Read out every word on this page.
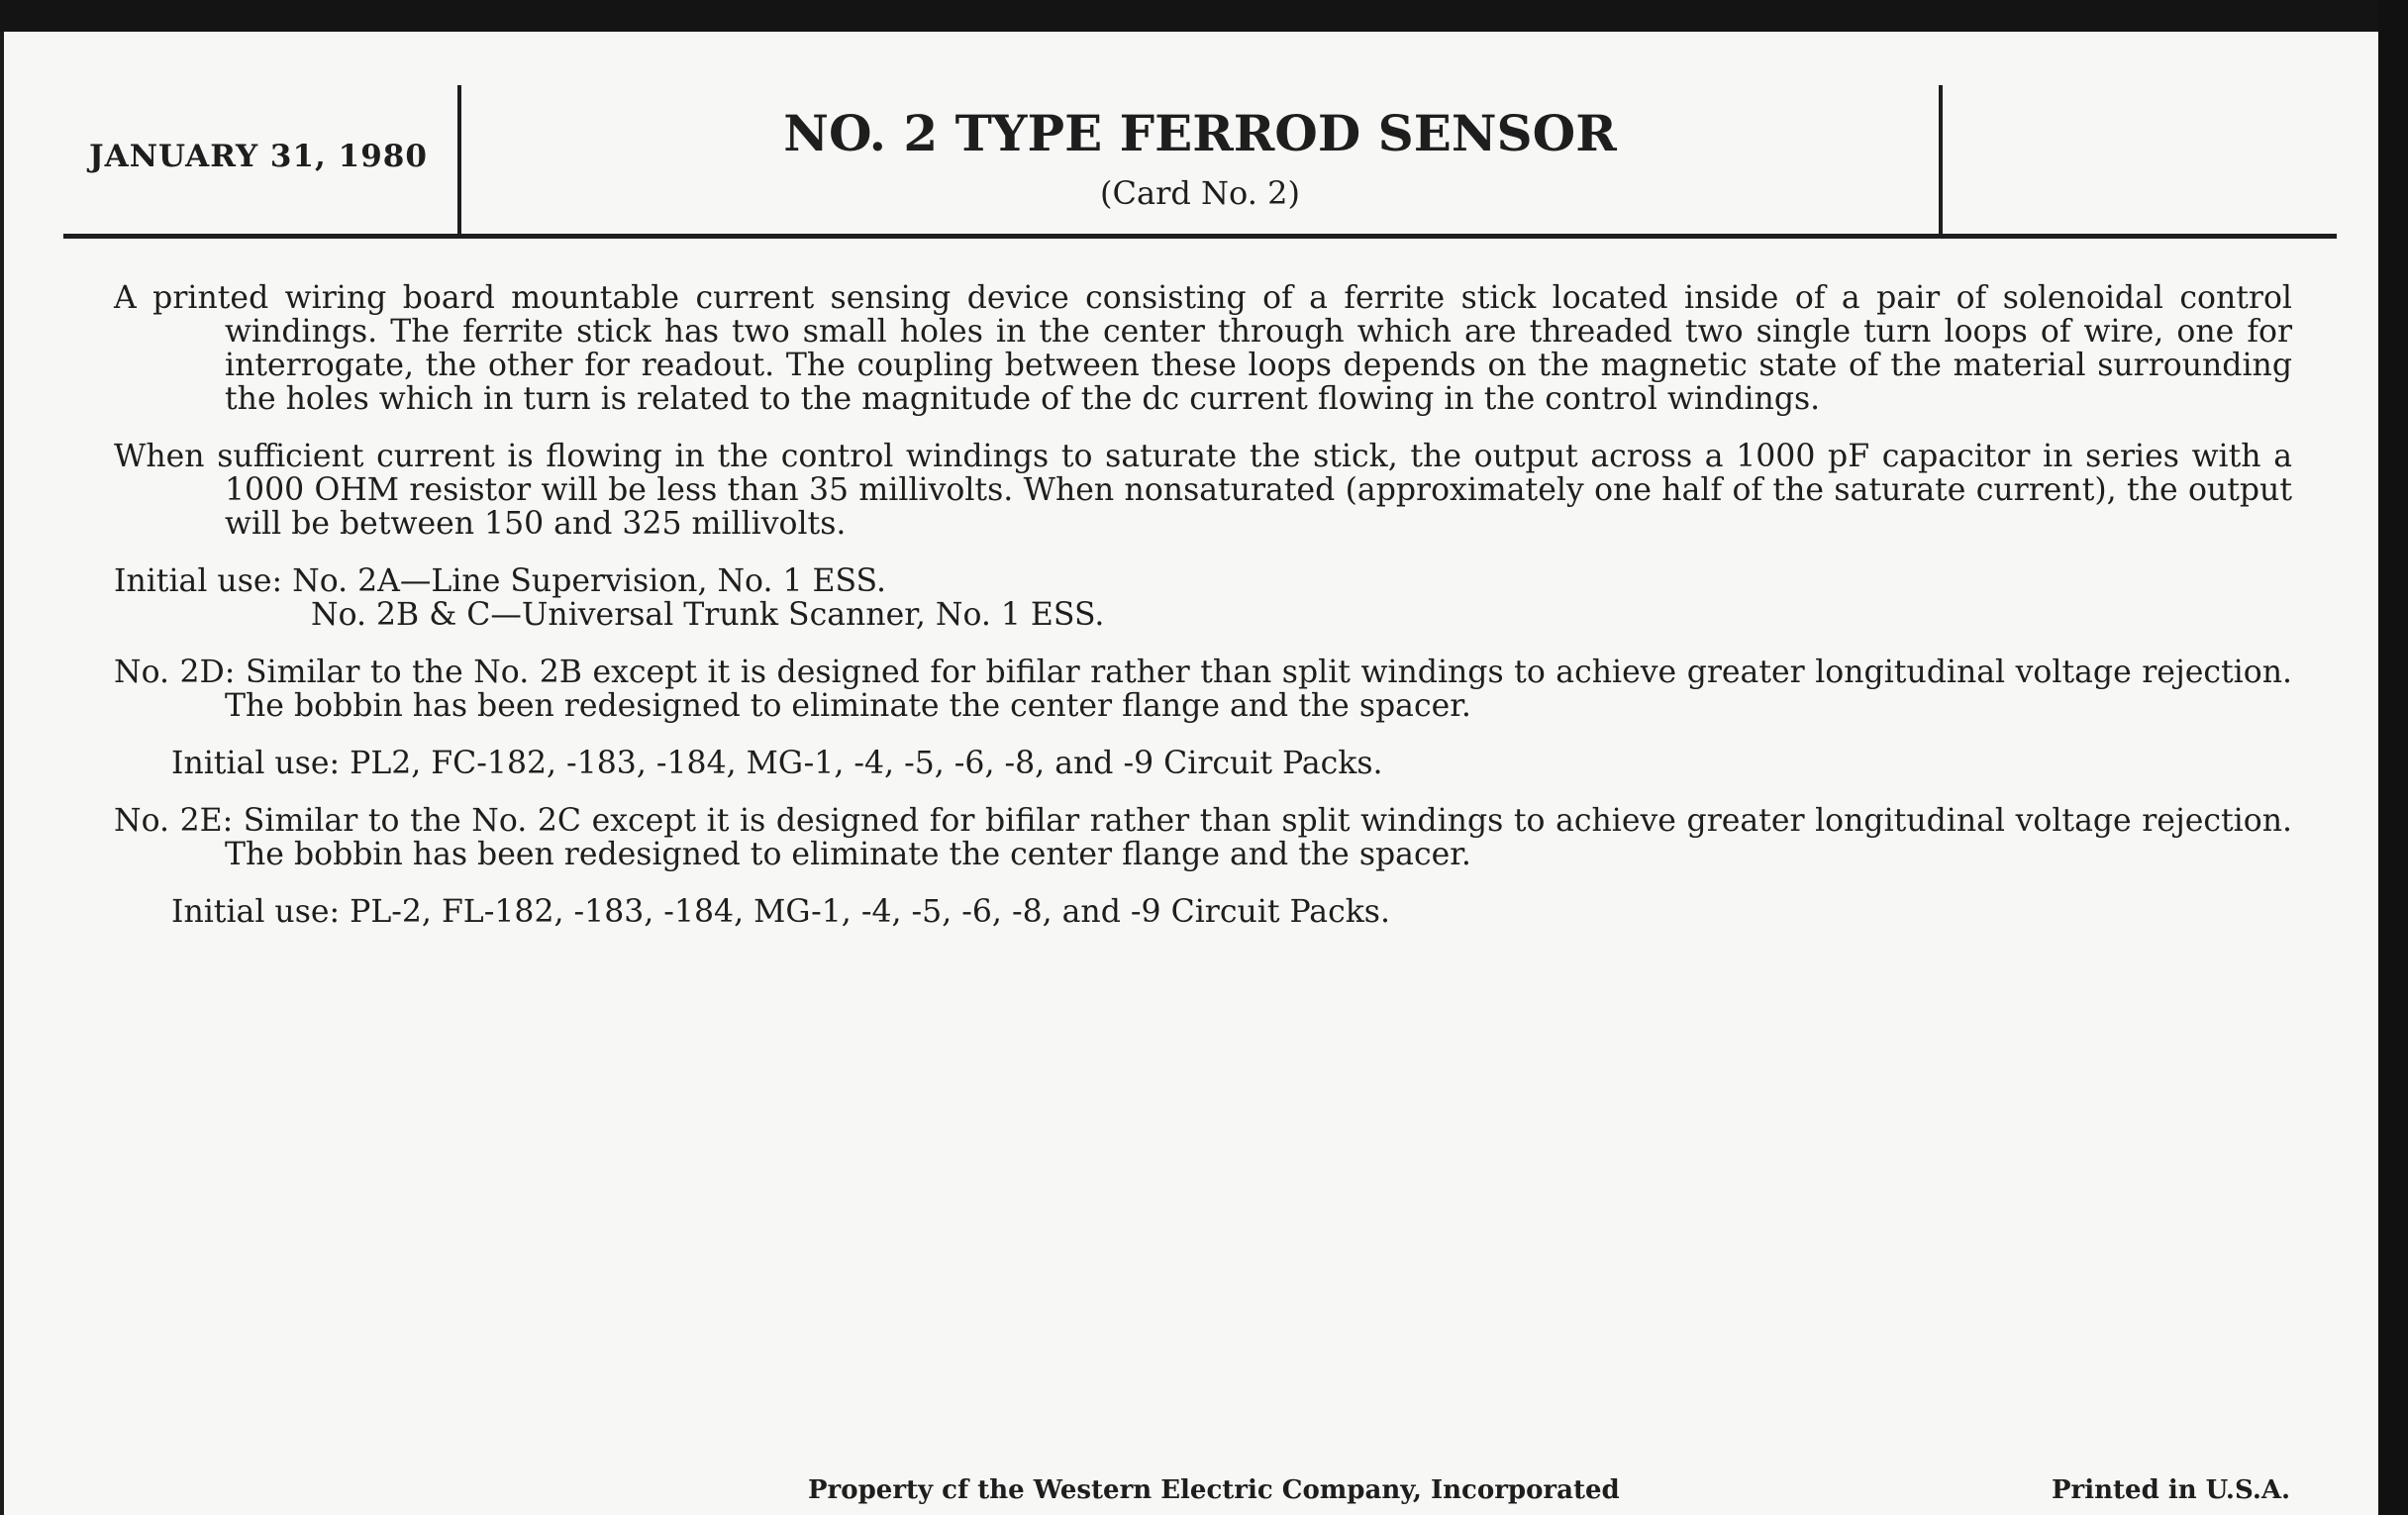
JANUARY 31, 1980	NO. 2 TYPE FERROD SENSOR
(Card No. 2)

A printed wiring board mountable current sensing device consisting of a ferrite stick located inside of a pair of solenoidal control windings. The ferrite stick has two small holes in the center through which are threaded two single turn loops of wire, one for interrogate, the other for readout. The coupling between these loops depends on the magnetic state of the material surrounding the holes which in turn is related to the magnitude of the dc current flowing in the control windings.

When sufficient current is flowing in the control windings to saturate the stick, the output across a 1000 pF capacitor in series with a 1000 OHM resistor will be less than 35 millivolts. When nonsaturated (approximately one half of the saturate current), the output will be between 150 and 325 millivolts.

Initial use: No. 2A—Line Supervision, No. 1 ESS.
No. 2B & C—Universal Trunk Scanner, No. 1 ESS.

No. 2D: Similar to the No. 2B except it is designed for bifilar rather than split windings to achieve greater longitudinal voltage rejection. The bobbin has been redesigned to eliminate the center flange and the spacer.

Initial use: PL2, FC-182, -183, -184, MG-1, -4, -5, -6, -8, and -9 Circuit Packs.

No. 2E: Similar to the No. 2C except it is designed for bifilar rather than split windings to achieve greater longitudinal voltage rejection. The bobbin has been redesigned to eliminate the center flange and the spacer.

Initial use: PL-2, FL-182, -183, -184, MG-1, -4, -5, -6, -8, and -9 Circuit Packs.
Property cf the Western Electric Company, Incorporated	Printed in U.S.A.
